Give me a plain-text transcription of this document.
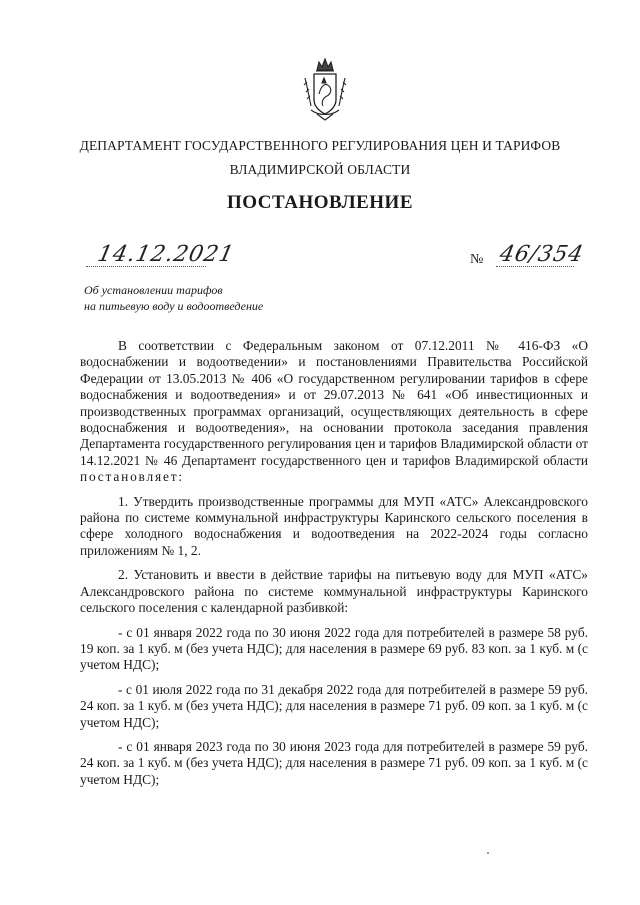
ДЕПАРТАМЕНТ ГОСУДАРСТВЕННОГО РЕГУЛИРОВАНИЯ ЦЕН И ТАРИФОВ
ВЛАДИМИРСКОЙ ОБЛАСТИ
ПОСТАНОВЛЕНИЕ
14.12.2021	№ 46/354
Об установлении тарифов
на питьевую воду и водоотведение

В соответствии с Федеральным законом от 07.12.2011 № 416-ФЗ «О водоснабжении и водоотведении» и постановлениями Правительства Российской Федерации от 13.05.2013 № 406 «О государственном регулировании тарифов в сфере водоснабжения и водоотведения» и от 29.07.2013 № 641 «Об инвестиционных и производственных программах организаций, осуществляющих деятельность в сфере водоснабжения и водоотведения», на основании протокола заседания правления Департамента государственного регулирования цен и тарифов Владимирской области от 14.12.2021 № 46 Департамент государственного цен и тарифов Владимирской области постановляет:

1. Утвердить производственные программы для МУП «АТС» Александровского района по системе коммунальной инфраструктуры Каринского сельского поселения в сфере холодного водоснабжения и водоотведения на 2022-2024 годы согласно приложениям № 1, 2.

2. Установить и ввести в действие тарифы на питьевую воду для МУП «АТС» Александровского района по системе коммунальной инфраструктуры Каринского сельского поселения с календарной разбивкой:

- с 01 января 2022 года по 30 июня 2022 года для потребителей в размере 58 руб. 19 коп. за 1 куб. м (без учета НДС); для населения в размере 69 руб. 83 коп. за 1 куб. м (с учетом НДС);

- с 01 июля 2022 года по 31 декабря 2022 года для потребителей в размере 59 руб. 24 коп. за 1 куб. м (без учета НДС); для населения в размере 71 руб. 09 коп. за 1 куб. м (с учетом НДС);

- с 01 января 2023 года по 30 июня 2023 года для потребителей в размере 59 руб. 24 коп. за 1 куб. м (без учета НДС); для населения в размере 71 руб. 09 коп. за 1 куб. м (с учетом НДС);
